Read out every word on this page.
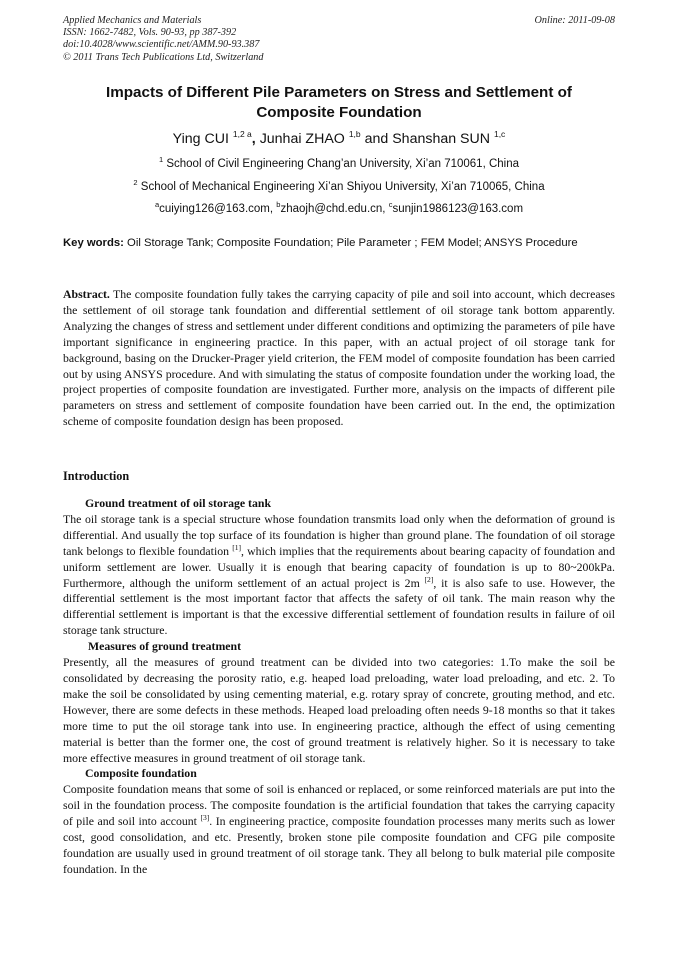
Applied Mechanics and Materials
ISSN: 1662-7482, Vols. 90-93, pp 387-392
doi:10.4028/www.scientific.net/AMM.90-93.387
© 2011 Trans Tech Publications Ltd, Switzerland
Online: 2011-09-08
Impacts of Different Pile Parameters on Stress and Settlement of Composite Foundation
Ying CUI $^{1,2 a}$, Junhai ZHAO $^{1,b}$ and Shanshan SUN $^{1,c}$
$^1$ School of Civil Engineering Chang’an University, Xi’an 710061, China
$^2$ School of Mechanical Engineering Xi’an Shiyou University, Xi’an 710065, China
$^a$cuiying126@163.com, $^b$zhaojh@chd.edu.cn, $^c$sunjin1986123@163.com
Key words: Oil Storage Tank; Composite Foundation; Pile Parameter ; FEM Model; ANSYS Procedure
Abstract. The composite foundation fully takes the carrying capacity of pile and soil into account, which decreases the settlement of oil storage tank foundation and differential settlement of oil storage tank bottom apparently. Analyzing the changes of stress and settlement under different conditions and optimizing the parameters of pile have important significance in engineering practice. In this paper, with an actual project of oil storage tank for background, basing on the Drucker-Prager yield criterion, the FEM model of composite foundation has been carried out by using ANSYS procedure. And with simulating the status of composite foundation under the working load, the project properties of composite foundation are investigated. Further more, analysis on the impacts of different pile parameters on stress and settlement of composite foundation have been carried out. In the end, the optimization scheme of composite foundation design has been proposed.
Introduction
Ground treatment of oil storage tank

The oil storage tank is a special structure whose foundation transmits load only when the deformation of ground is differential. And usually the top surface of its foundation is higher than ground plane. The foundation of oil storage tank belongs to flexible foundation [1], which implies that the requirements about bearing capacity of foundation and uniform settlement are lower. Usually it is enough that bearing capacity of foundation is up to 80~200kPa. Furthermore, although the uniform settlement of an actual project is 2m [2], it is also safe to use. However, the differential settlement is the most important factor that affects the safety of oil tank. The main reason why the differential settlement is important is that the excessive differential settlement of foundation results in failure of oil storage tank structure.

Measures of ground treatment

Presently, all the measures of ground treatment can be divided into two categories: 1.To make the soil be consolidated by decreasing the porosity ratio, e.g. heaped load preloading, water load preloading, and etc. 2. To make the soil be consolidated by using cementing material, e.g. rotary spray of concrete, grouting method, and etc. However, there are some defects in these methods. Heaped load preloading often needs 9-18 months so that it takes more time to put the oil storage tank into use. In engineering practice, although the effect of using cementing material is better than the former one, the cost of ground treatment is relatively higher. So it is necessary to take more effective measures in ground treatment of oil storage tank.

Composite foundation

Composite foundation means that some of soil is enhanced or replaced, or some reinforced materials are put into the soil in the foundation process. The composite foundation is the artificial foundation that takes the carrying capacity of pile and soil into account [3]. In engineering practice, composite foundation processes many merits such as lower cost, good consolidation, and etc. Presently, broken stone pile composite foundation and CFG pile composite foundation are usually used in ground treatment of oil storage tank. They all belong to bulk material pile composite foundation. In the
